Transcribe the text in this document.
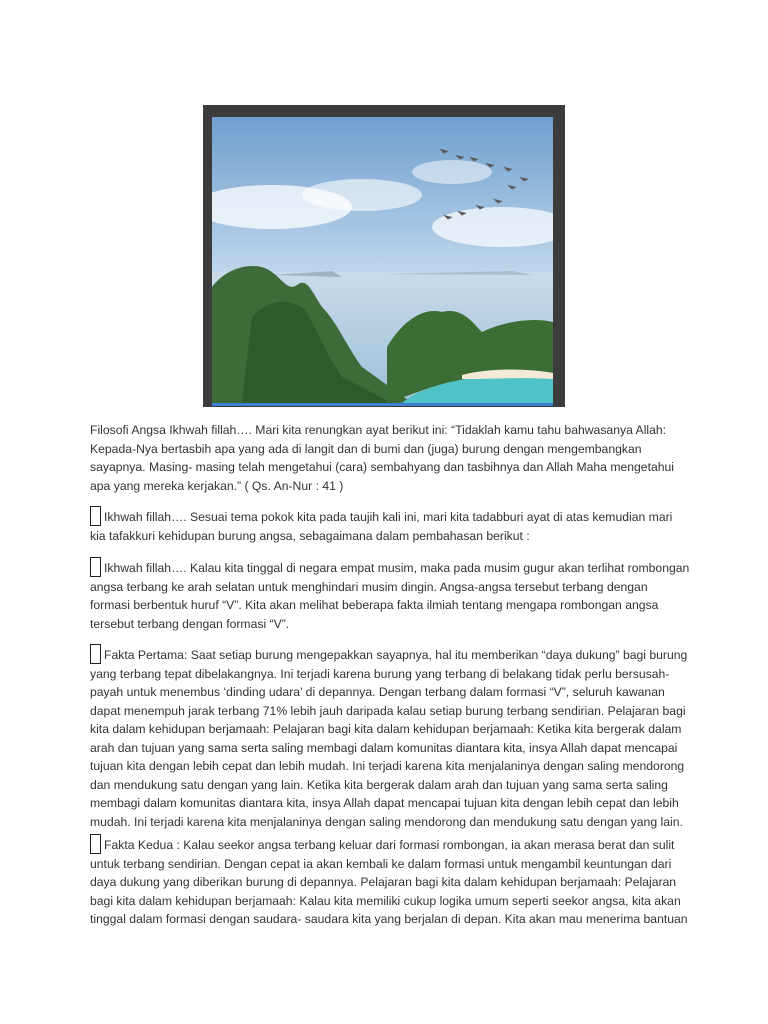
Filosofi Angsa Ikhwah fillah…. Mari kita renungkan ayat berikut ini: “Tidaklah kamu tahu bahwasanya Allah: Kepada-Nya bertasbih apa yang ada di langit dan di bumi dan (juga) burung dengan mengembangkan sayapnya. Masing- masing telah mengetahui (cara) sembahyang dan tasbihnya dan Allah Maha mengetahui apa yang mereka kerjakan.” ( Qs. An-Nur : 41 )

Ikhwah fillah…. Sesuai tema pokok kita pada taujih kali ini, mari kita tadabburi ayat di atas kemudian mari kia tafakkuri kehidupan burung angsa, sebagaimana dalam pembahasan berikut :

Ikhwah fillah…. Kalau kita tinggal di negara empat musim, maka pada musim gugur akan terlihat rombongan angsa terbang ke arah selatan untuk menghindari musim dingin. Angsa-angsa tersebut terbang dengan formasi berbentuk huruf “V”. Kita akan melihat beberapa fakta ilmiah tentang mengapa rombongan angsa tersebut terbang dengan formasi “V”.

Fakta Pertama: Saat setiap burung mengepakkan sayapnya, hal itu memberikan “daya dukung” bagi burung yang terbang tepat dibelakangnya. Ini terjadi karena burung yang terbang di belakang tidak perlu bersusah-payah untuk menembus ‘dinding udara’ di depannya. Dengan terbang dalam formasi “V”, seluruh kawanan dapat menempuh jarak terbang 71% lebih jauh daripada kalau setiap burung terbang sendirian. Pelajaran bagi kita dalam kehidupan berjamaah: Pelajaran bagi kita dalam kehidupan berjamaah: Ketika kita bergerak dalam arah dan tujuan yang sama serta saling membagi dalam komunitas diantara kita, insya Allah dapat mencapai tujuan kita dengan lebih cepat dan lebih mudah. Ini terjadi karena kita menjalaninya dengan saling mendorong dan mendukung satu dengan yang lain. Ketika kita bergerak dalam arah dan tujuan yang sama serta saling membagi dalam komunitas diantara kita, insya Allah dapat mencapai tujuan kita dengan lebih cepat dan lebih mudah. Ini terjadi karena kita menjalaninya dengan saling mendorong dan mendukung satu dengan yang lain.

Fakta Kedua : Kalau seekor angsa terbang keluar dari formasi rombongan, ia akan merasa berat dan sulit untuk terbang sendirian. Dengan cepat ia akan kembali ke dalam formasi untuk mengambil keuntungan dari daya dukung yang diberikan burung di depannya. Pelajaran bagi kita dalam kehidupan berjamaah: Pelajaran bagi kita dalam kehidupan berjamaah: Kalau kita memiliki cukup logika umum seperti seekor angsa, kita akan tinggal dalam formasi dengan saudara- saudara kita yang berjalan di depan. Kita akan mau menerima bantuan
